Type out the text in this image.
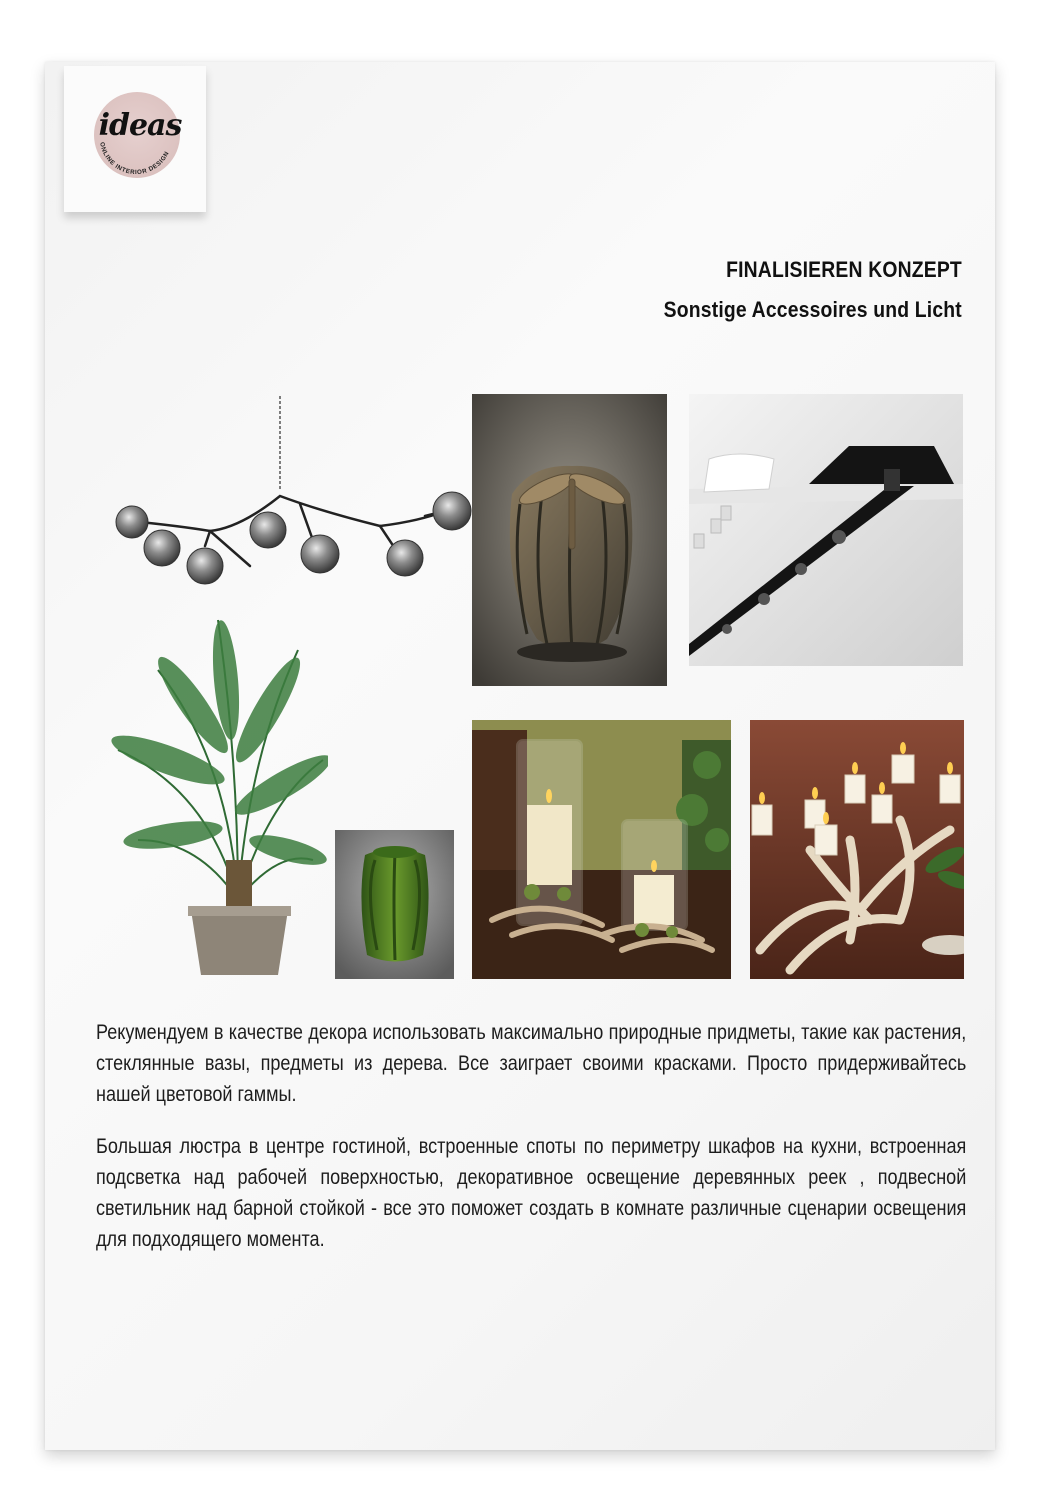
ideas
ONLINE INTERIOR DESIGN
FINALISIEREN KONZEPT
Sonstige Accessoires und Licht

Рекумендуем в качестве декора использовать максимально природные придметы, такие как растения, стеклянные вазы, предметы из дерева. Все заиграет своими красками. Просто придерживайтесь нашей цветовой гаммы.

Большая люстра в центре гостиной, встроенные споты по периметру шкафов на кухни, встроенная подсветка над рабочей поверхностью, декоративное освещение деревянных реек , подвесной светильник над барной стойкой - все это поможет создать в комнате различные сценарии освещения для подходящего момента.
